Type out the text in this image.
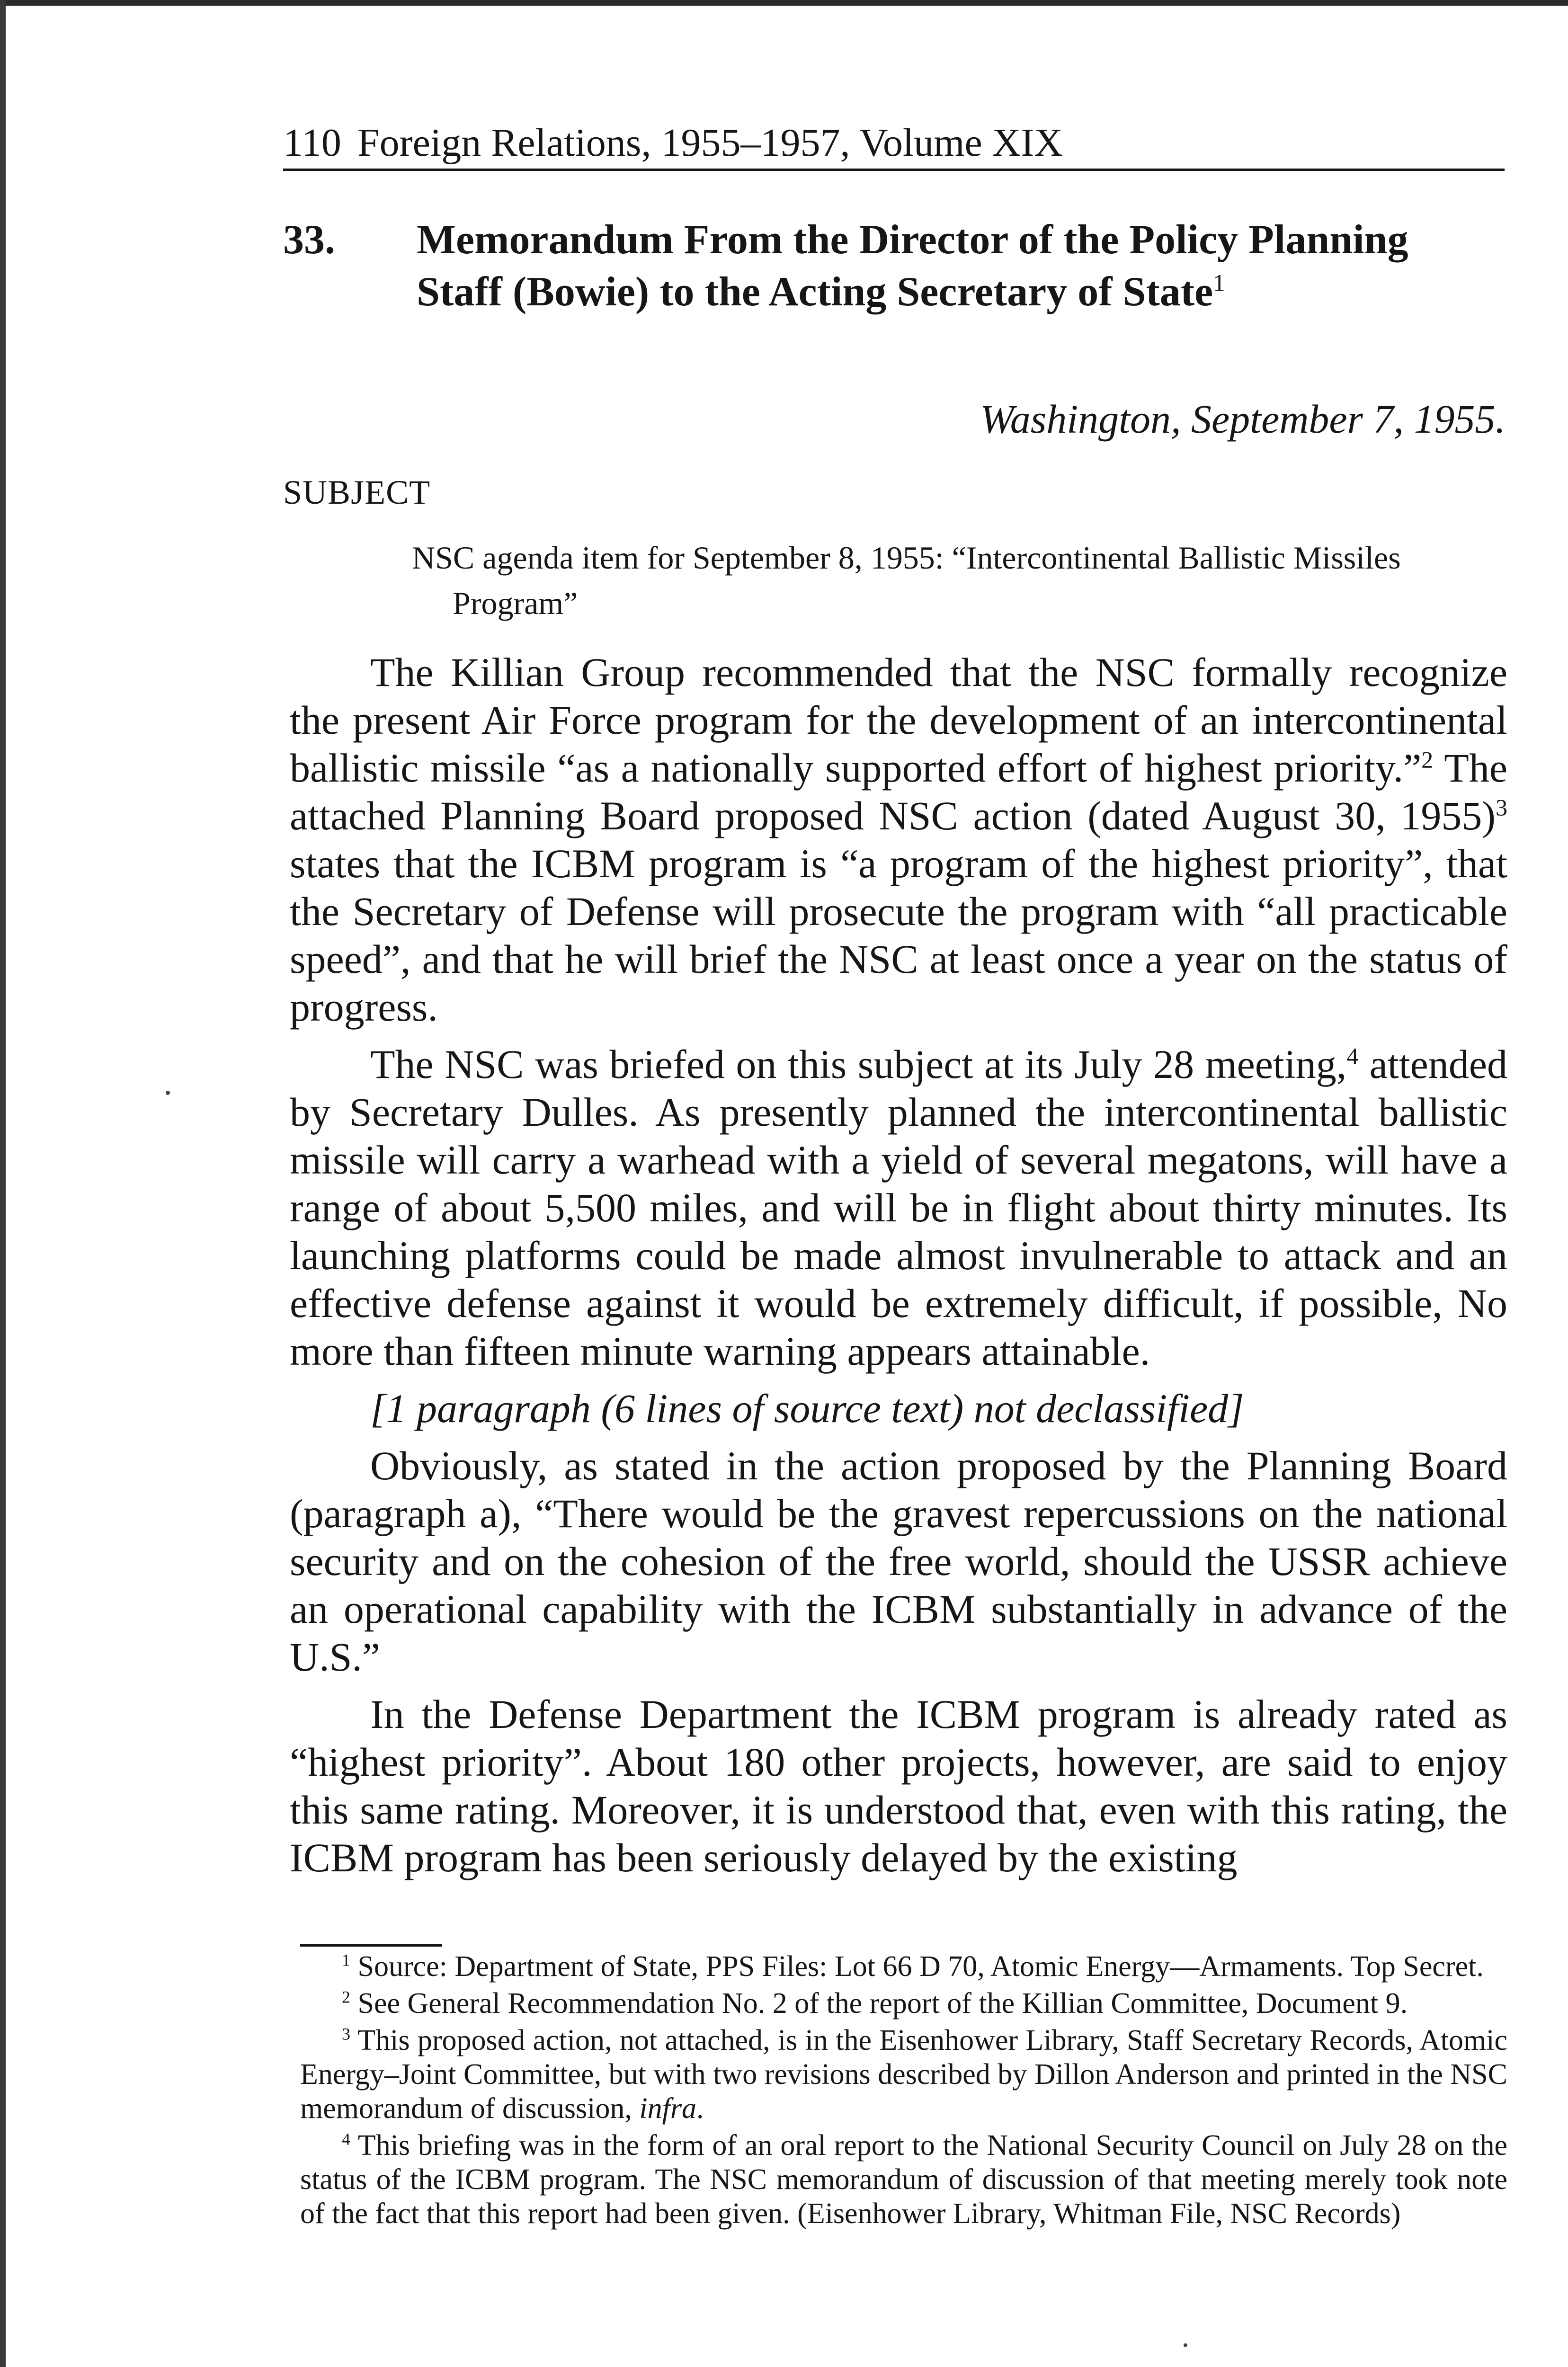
110 Foreign Relations, 1955–1957, Volume XIX
33. Memorandum From the Director of the Policy Planning Staff (Bowie) to the Acting Secretary of State$^1$
Washington, September 7, 1955.
SUBJECT
NSC agenda item for September 8, 1955: “Intercontinental Ballistic Missiles
Program”

The Killian Group recommended that the NSC formally recognize the present Air Force program for the development of an intercontinental ballistic missile “as a nationally supported effort of highest priority.”$^2$ The attached Planning Board proposed NSC action (dated August 30, 1955)$^3$ states that the ICBM program is “a program of the highest priority”, that the Secretary of Defense will prosecute the program with “all practicable speed”, and that he will brief the NSC at least once a year on the status of progress.

The NSC was briefed on this subject at its July 28 meeting,$^4$ attended by Secretary Dulles. As presently planned the intercontinental ballistic missile will carry a warhead with a yield of several megatons, will have a range of about 5,500 miles, and will be in flight about thirty minutes. Its launching platforms could be made almost invulnerable to attack and an effective defense against it would be extremely difficult, if possible, No more than fifteen minute warning appears attainable.

[1 paragraph (6 lines of source text) not declassified]

Obviously, as stated in the action proposed by the Planning Board (paragraph a), “There would be the gravest repercussions on the national security and on the cohesion of the free world, should the USSR achieve an operational capability with the ICBM substantially in advance of the U.S.”

In the Defense Department the ICBM program is already rated as “highest priority”. About 180 other projects, however, are said to enjoy this same rating. Moreover, it is understood that, even with this rating, the ICBM program has been seriously delayed by the existing

$^1$ Source: Department of State, PPS Files: Lot 66 D 70, Atomic Energy—Armaments. Top Secret.

$^2$ See General Recommendation No. 2 of the report of the Killian Committee, Document 9.

$^3$ This proposed action, not attached, is in the Eisenhower Library, Staff Secretary Records, Atomic Energy–Joint Committee, but with two revisions described by Dillon Anderson and printed in the NSC memorandum of discussion, infra.

$^4$ This briefing was in the form of an oral report to the National Security Council on July 28 on the status of the ICBM program. The NSC memorandum of discussion of that meeting merely took note of the fact that this report had been given. (Eisenhower Library, Whitman File, NSC Records)
